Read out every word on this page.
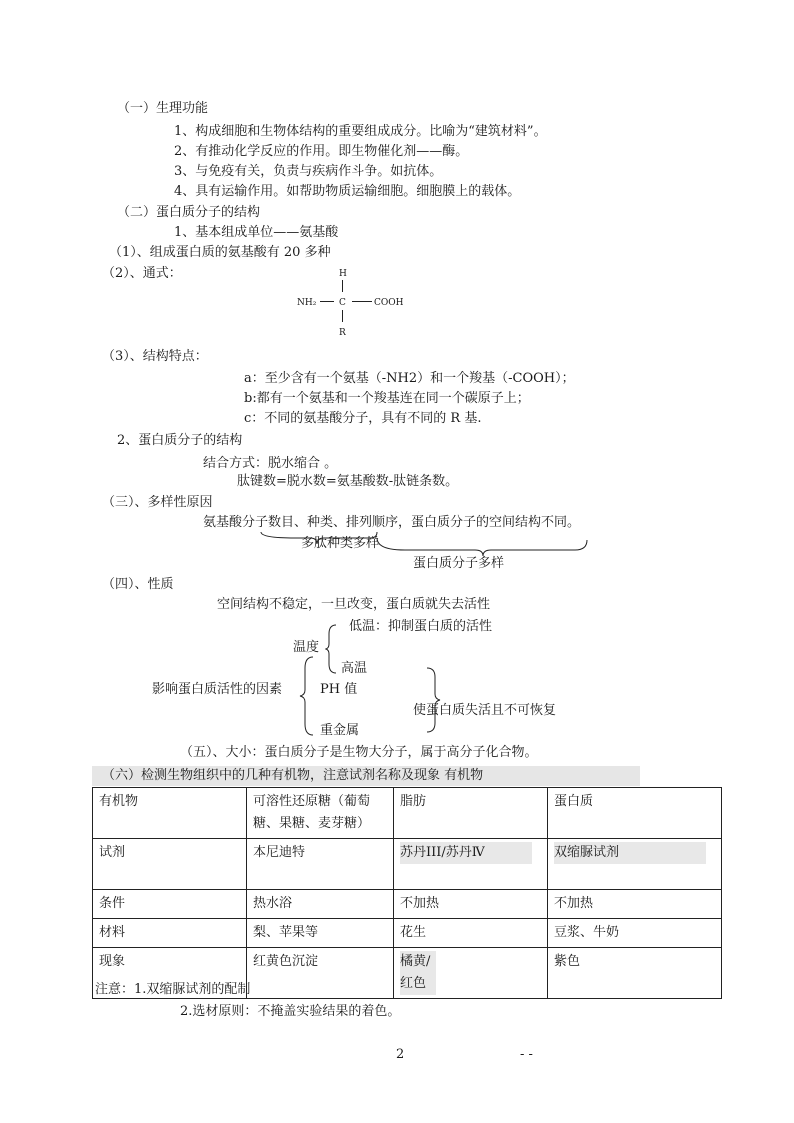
（一）生理功能
1、构成细胞和生物体结构的重要组成成分。比喻为“建筑材料”。
2、有推动化学反应的作用。即生物催化剂——酶。
3、与免疫有关，负责与疾病作斗争。如抗体。
4、具有运输作用。如帮助物质运输细胞。细胞膜上的载体。
（二）蛋白质分子的结构
1、基本组成单位——氨基酸
（1）、组成蛋白质的氨基酸有 20 多种
（2）、通式：	H
NH₂	C	COOH
R
（3）、结构特点：
a：至少含有一个氨基（-NH2）和一个羧基（-COOH）；
b:都有一个氨基和一个羧基连在同一个碳原子上；
c：不同的氨基酸分子，具有不同的 R 基.
2、蛋白质分子的结构
结合方式：脱水缩合 。
肽键数=脱水数=氨基酸数-肽链条数。
（三）、多样性原因
氨基酸分子数目、种类、排列顺序，蛋白质分子的空间结构不同。
多肽种类多样
蛋白质分子多样
（四）、性质
空间结构不稳定，一旦改变，蛋白质就失去活性
低温：抑制蛋白质的活性
温度
高温
影响蛋白质活性的因素	PH 值
使蛋白质失活且不可恢复
重金属
（五）、大小：蛋白质分子是生物大分子，属于高分子化合物。
（六）检测生物组织中的几种有机物，注意试剂名称及现象 有机物
有机物	可溶性还原糖（葡萄糖、果糖、麦芽糖）	脂肪	蛋白质
试剂	本尼迪特	苏丹III/苏丹Ⅳ	双缩脲试剂
条件	热水浴	不加热	不加热
材料	梨、苹果等	花生	豆浆、牛奶
现象	红黄色沉淀	橘黄/红色	紫色
注意：1.双缩脲试剂的配制
2.选材原则：不掩盖实验结果的着色。
2	- -
